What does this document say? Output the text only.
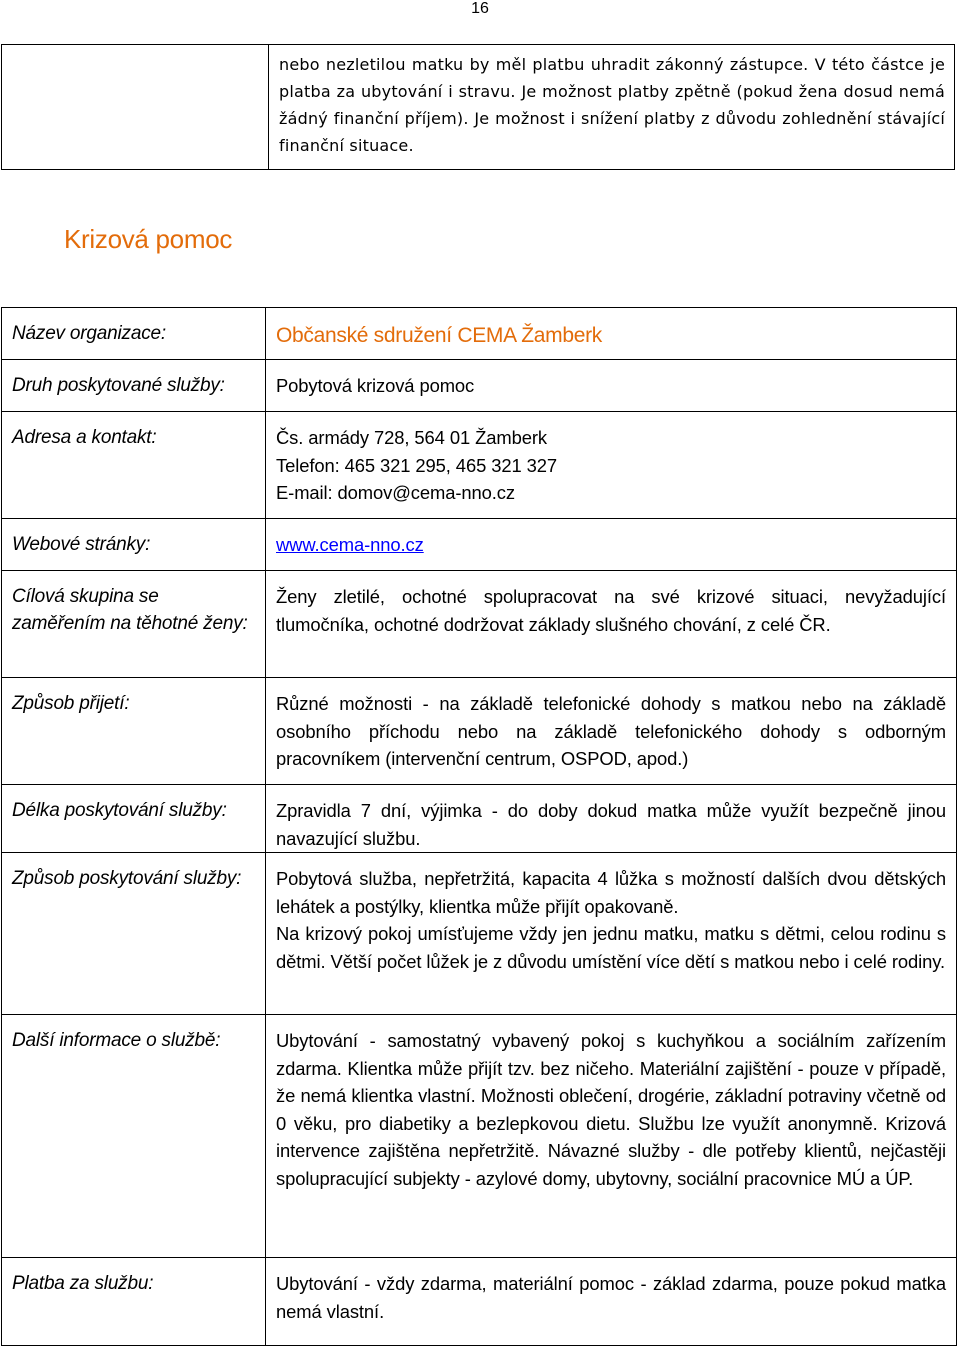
16
	nebo nezletilou matku by měl platbu uhradit zákonný zástupce. V této částce je platba za ubytování i stravu. Je možnost platby zpětně (pokud žena dosud nemá žádný finanční příjem). Je možnost i snížení platby z důvodu zohlednění stávající finanční situace.
Krizová pomoc
Název organizace:	Občanské sdružení CEMA Žamberk
Druh poskytované služby:	Pobytová krizová pomoc
Adresa a kontakt:	Čs. armády 728, 564 01 Žamberk

Telefon: 465 321 295, 465 321 327

E-mail: domov@cema-nno.cz

Webové stránky:	www.cema-nno.cz
Cílová skupina se zaměřením na těhotné ženy:	Ženy zletilé, ochotné spolupracovat na své krizové situaci, nevyžadující tlumočníka, ochotné dodržovat základy slušného chování, z celé ČR.
Způsob přijetí:	Různé možnosti - na základě telefonické dohody s matkou nebo na základě osobního příchodu nebo na základě telefonického dohody s odborným pracovníkem (intervenční centrum, OSPOD, apod.)
Délka poskytování služby:	Zpravidla 7 dní, výjimka - do doby dokud matka může využít bezpečně jinou navazující službu.
Způsob poskytování služby:	Pobytová služba, nepřetržitá, kapacita 4 lůžka s možností dalších dvou dětských lehátek a postýlky, klientka může přijít opakovaně.

Na krizový pokoj umísťujeme vždy jen jednu matku, matku s dětmi, celou rodinu s dětmi. Větší počet lůžek je z důvodu umístění více dětí s matkou nebo i celé rodiny.

Další informace o službě:	Ubytování - samostatný vybavený pokoj s kuchyňkou a sociálním zařízením zdarma. Klientka může přijít tzv. bez ničeho. Materiální zajištění - pouze v případě, že nemá klientka vlastní. Možnosti oblečení, drogérie, základní potraviny včetně od 0 věku, pro diabetiky a bezlepkovou dietu. Službu lze využít anonymně. Krizová intervence zajištěna nepřetržitě. Návazné služby - dle potřeby klientů, nejčastěji spolupracující subjekty - azylové domy, ubytovny, sociální pracovnice MÚ a ÚP.
Platba za službu:	Ubytování - vždy zdarma, materiální pomoc - základ zdarma, pouze pokud matka nemá vlastní.
